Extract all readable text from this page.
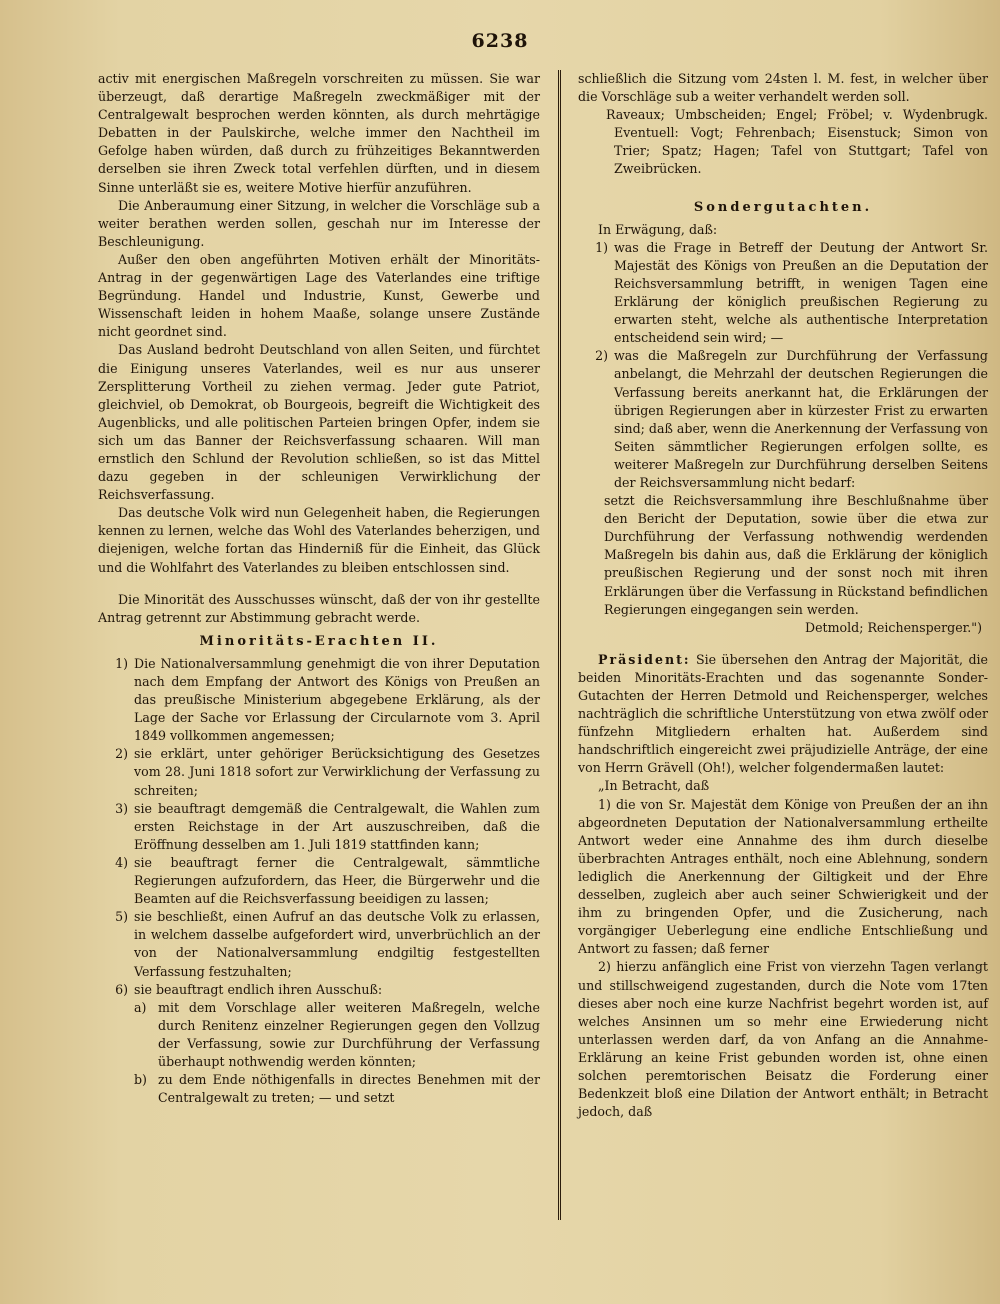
6238

activ mit energischen Maßregeln vorschreiten zu müssen. Sie war überzeugt, daß derartige Maßregeln zweckmäßiger mit der Centralgewalt besprochen werden könnten, als durch mehrtägige Debatten in der Paulskirche, welche immer den Nachtheil im Gefolge haben würden, daß durch zu frühzeitiges Bekanntwerden derselben sie ihren Zweck total verfehlen dürften, und in diesem Sinne unterläßt sie es, weitere Motive hierfür anzuführen.

Die Anberaumung einer Sitzung, in welcher die Vorschläge sub a weiter berathen werden sollen, geschah nur im Interesse der Beschleunigung.

Außer den oben angeführten Motiven erhält der Minoritäts-Antrag in der gegenwärtigen Lage des Vaterlandes eine triftige Begründung. Handel und Industrie, Kunst, Gewerbe und Wissenschaft leiden in hohem Maaße, solange unsere Zustände nicht geordnet sind.

Das Ausland bedroht Deutschland von allen Seiten, und fürchtet die Einigung unseres Vaterlandes, weil es nur aus unserer Zersplitterung Vortheil zu ziehen vermag. Jeder gute Patriot, gleichviel, ob Demokrat, ob Bourgeois, begreift die Wichtigkeit des Augenblicks, und alle politischen Parteien bringen Opfer, indem sie sich um das Banner der Reichsverfassung schaaren. Will man ernstlich den Schlund der Revolution schließen, so ist das Mittel dazu gegeben in der schleunigen Verwirklichung der Reichsverfassung.

Das deutsche Volk wird nun Gelegenheit haben, die Regierungen kennen zu lernen, welche das Wohl des Vaterlandes beherzigen, und diejenigen, welche fortan das Hinderniß für die Einheit, das Glück und die Wohlfahrt des Vaterlandes zu bleiben entschlossen sind.

Die Minorität des Ausschusses wünscht, daß der von ihr gestellte Antrag getrennt zur Abstimmung gebracht werde.

Minoritäts-Erachten II.
1) Die Nationalversammlung genehmigt die von ihrer Deputation nach dem Empfang der Antwort des Königs von Preußen an das preußische Ministerium abgegebene Erklärung, als der Lage der Sache vor Erlassung der Circularnote vom 3. April 1849 vollkommen angemessen;
2) sie erklärt, unter gehöriger Berücksichtigung des Gesetzes vom 28. Juni 1818 sofort zur Verwirklichung der Verfassung zu schreiten;
3) sie beauftragt demgemäß die Centralgewalt, die Wahlen zum ersten Reichstage in der Art auszuschreiben, daß die Eröffnung desselben am 1. Juli 1819 stattfinden kann;
4) sie beauftragt ferner die Centralgewalt, sämmtliche Regierungen aufzufordern, das Heer, die Bürgerwehr und die Beamten auf die Reichsverfassung beeidigen zu lassen;
5) sie beschließt, einen Aufruf an das deutsche Volk zu erlassen, in welchem dasselbe aufgefordert wird, unverbrüchlich an der von der Nationalversammlung endgiltig festgestellten Verfassung festzuhalten;
6) sie beauftragt endlich ihren Ausschuß:
a) mit dem Vorschlage aller weiteren Maßregeln, welche durch Renitenz einzelner Regierungen gegen den Vollzug der Verfassung, sowie zur Durchführung der Verfassung überhaupt nothwendig werden könnten;
b) zu dem Ende nöthigenfalls in directes Benehmen mit der Centralgewalt zu treten; — und setzt

schließlich die Sitzung vom 24sten l. M. fest, in welcher über die Vorschläge sub a weiter verhandelt werden soll.

Raveaux; Umbscheiden; Engel; Fröbel; v. Wydenbrugk. Eventuell: Vogt; Fehrenbach; Eisenstuck; Simon von Trier; Spatz; Hagen; Tafel von Stuttgart; Tafel von Zweibrücken.

Sondergutachten.

In Erwägung, daß:

1) was die Frage in Betreff der Deutung der Antwort Sr. Majestät des Königs von Preußen an die Deputation der Reichsversammlung betrifft, in wenigen Tagen eine Erklärung der königlich preußischen Regierung zu erwarten steht, welche als authentische Interpretation entscheidend sein wird; —
2) was die Maßregeln zur Durchführung der Verfassung anbelangt, die Mehrzahl der deutschen Regierungen die Verfassung bereits anerkannt hat, die Erklärungen der übrigen Regierungen aber in kürzester Frist zu erwarten sind; daß aber, wenn die Anerkennung der Verfassung von Seiten sämmtlicher Regierungen erfolgen sollte, es weiterer Maßregeln zur Durchführung derselben Seitens der Reichsversammlung nicht bedarf:

setzt die Reichsversammlung ihre Beschlußnahme über den Bericht der Deputation, sowie über die etwa zur Durchführung der Verfassung nothwendig werdenden Maßregeln bis dahin aus, daß die Erklärung der königlich preußischen Regierung und der sonst noch mit ihren Erklärungen über die Verfassung in Rückstand befindlichen Regierungen eingegangen sein werden.

Detmold; Reichensperger.")

Präsident: Sie übersehen den Antrag der Majorität, die beiden Minoritäts-Erachten und das sogenannte Sonder-Gutachten der Herren Detmold und Reichensperger, welches nachträglich die schriftliche Unterstützung von etwa zwölf oder fünfzehn Mitgliedern erhalten hat. Außerdem sind handschriftlich eingereicht zwei präjudizielle Anträge, der eine von Herrn Grävell (Oh!), welcher folgendermaßen lautet:

„In Betracht, daß

1) die von Sr. Majestät dem Könige von Preußen der an ihn abgeordneten Deputation der Nationalversammlung ertheilte Antwort weder eine Annahme des ihm durch dieselbe überbrachten Antrages enthält, noch eine Ablehnung, sondern lediglich die Anerkennung der Giltigkeit und der Ehre desselben, zugleich aber auch seiner Schwierigkeit und der ihm zu bringenden Opfer, und die Zusicherung, nach vorgängiger Ueberlegung eine endliche Entschließung und Antwort zu fassen; daß ferner

2) hierzu anfänglich eine Frist von vierzehn Tagen verlangt und stillschweigend zugestanden, durch die Note vom 17ten dieses aber noch eine kurze Nachfrist begehrt worden ist, auf welches Ansinnen um so mehr eine Erwiederung nicht unterlassen werden darf, da von Anfang an die Annahme-Erklärung an keine Frist gebunden worden ist, ohne einen solchen peremtorischen Beisatz die Forderung einer Bedenkzeit bloß eine Dilation der Antwort enthält; in Betracht jedoch, daß
